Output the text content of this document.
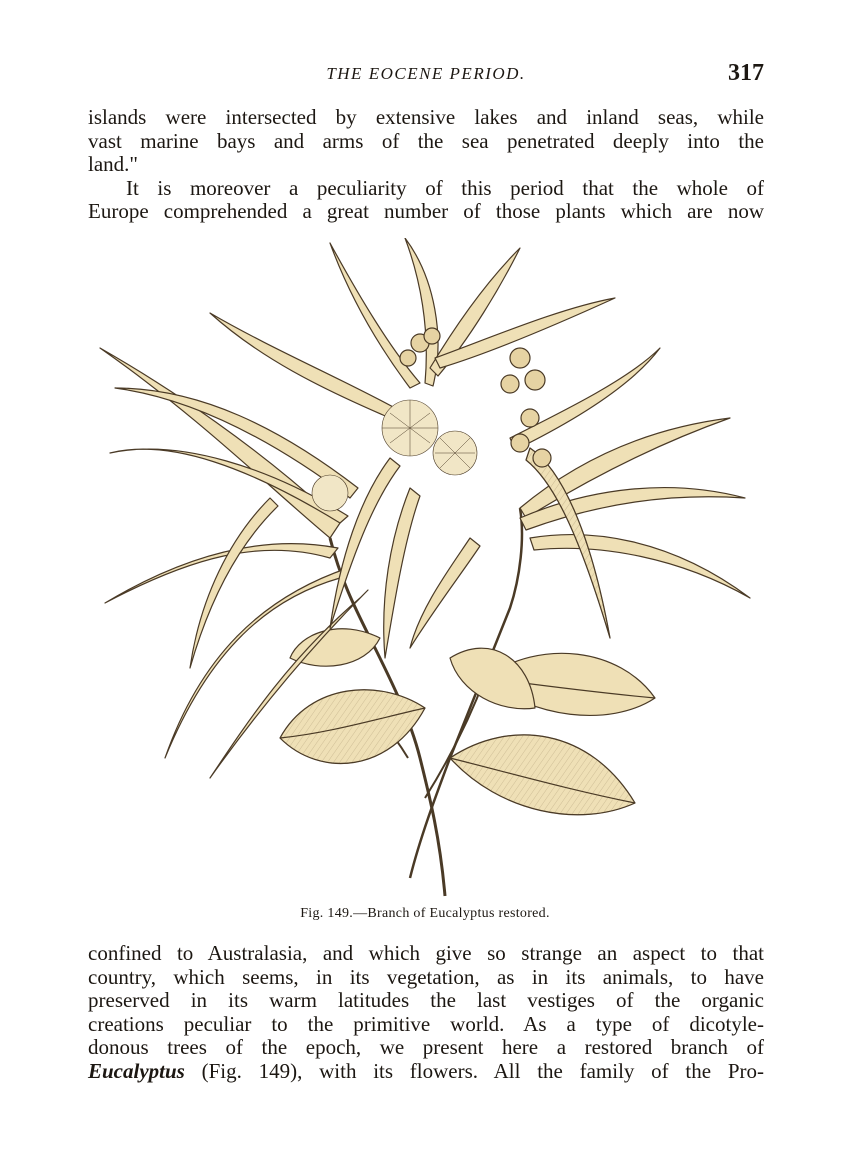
THE EOCENE PERIOD.	317

islands were intersected by extensive lakes and inland seas, while
vast marine bays and arms of the sea penetrated deeply into the
land."

It is moreover a peculiarity of this period that the whole of
Europe comprehended a great number of those plants which are now

Fig. 149.—Branch of Eucalyptus restored.

confined to Australasia, and which give so strange an aspect to that
country, which seems, in its vegetation, as in its animals, to have
preserved in its warm latitudes the last vestiges of the organic
creations peculiar to the primitive world. As a type of dicotyle-
donous trees of the epoch, we present here a restored branch of
Eucalyptus (Fig. 149), with its flowers. All the family of the Pro-
